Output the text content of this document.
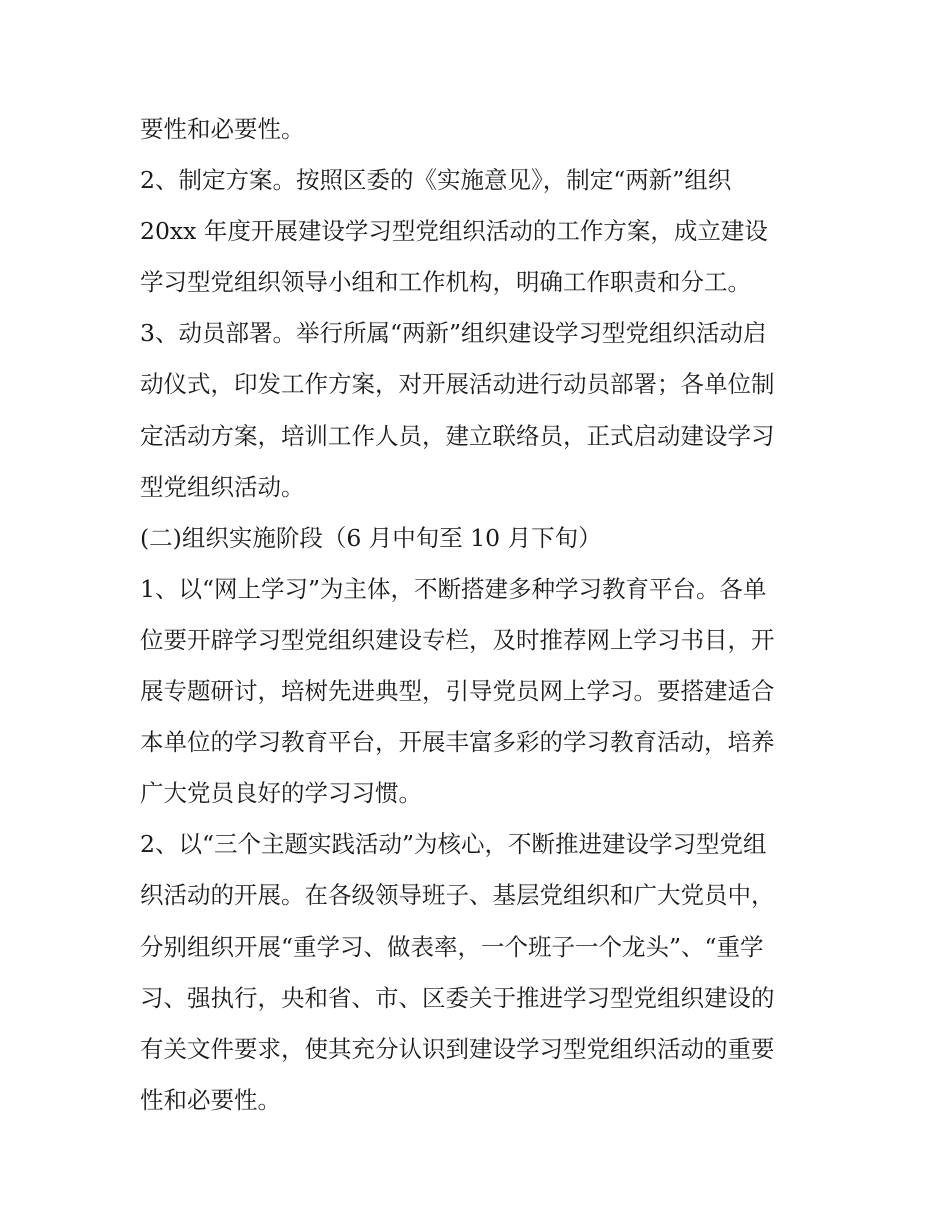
要性和必要性。
2、制定方案。按照区委的《实施意见》，制定“两新”组织
20xx 年度开展建设学习型党组织活动的工作方案，成立建设
学习型党组织领导小组和工作机构，明确工作职责和分工。
3、动员部署。举行所属“两新”组织建设学习型党组织活动启
动仪式，印发工作方案，对开展活动进行动员部署；各单位制
定活动方案，培训工作人员，建立联络员，正式启动建设学习
型党组织活动。
(二)组织实施阶段（6 月中旬至 10 月下旬）
1、以“网上学习”为主体，不断搭建多种学习教育平台。各单
位要开辟学习型党组织建设专栏，及时推荐网上学习书目，开
展专题研讨，培树先进典型，引导党员网上学习。要搭建适合
本单位的学习教育平台，开展丰富多彩的学习教育活动，培养
广大党员良好的学习习惯。
2、以“三个主题实践活动”为核心，不断推进建设学习型党组
织活动的开展。在各级领导班子、基层党组织和广大党员中，
分别组织开展“重学习、做表率，一个班子一个龙头”、“重学
习、强执行，央和省、市、区委关于推进学习型党组织建设的
有关文件要求，使其充分认识到建设学习型党组织活动的重要
性和必要性。
